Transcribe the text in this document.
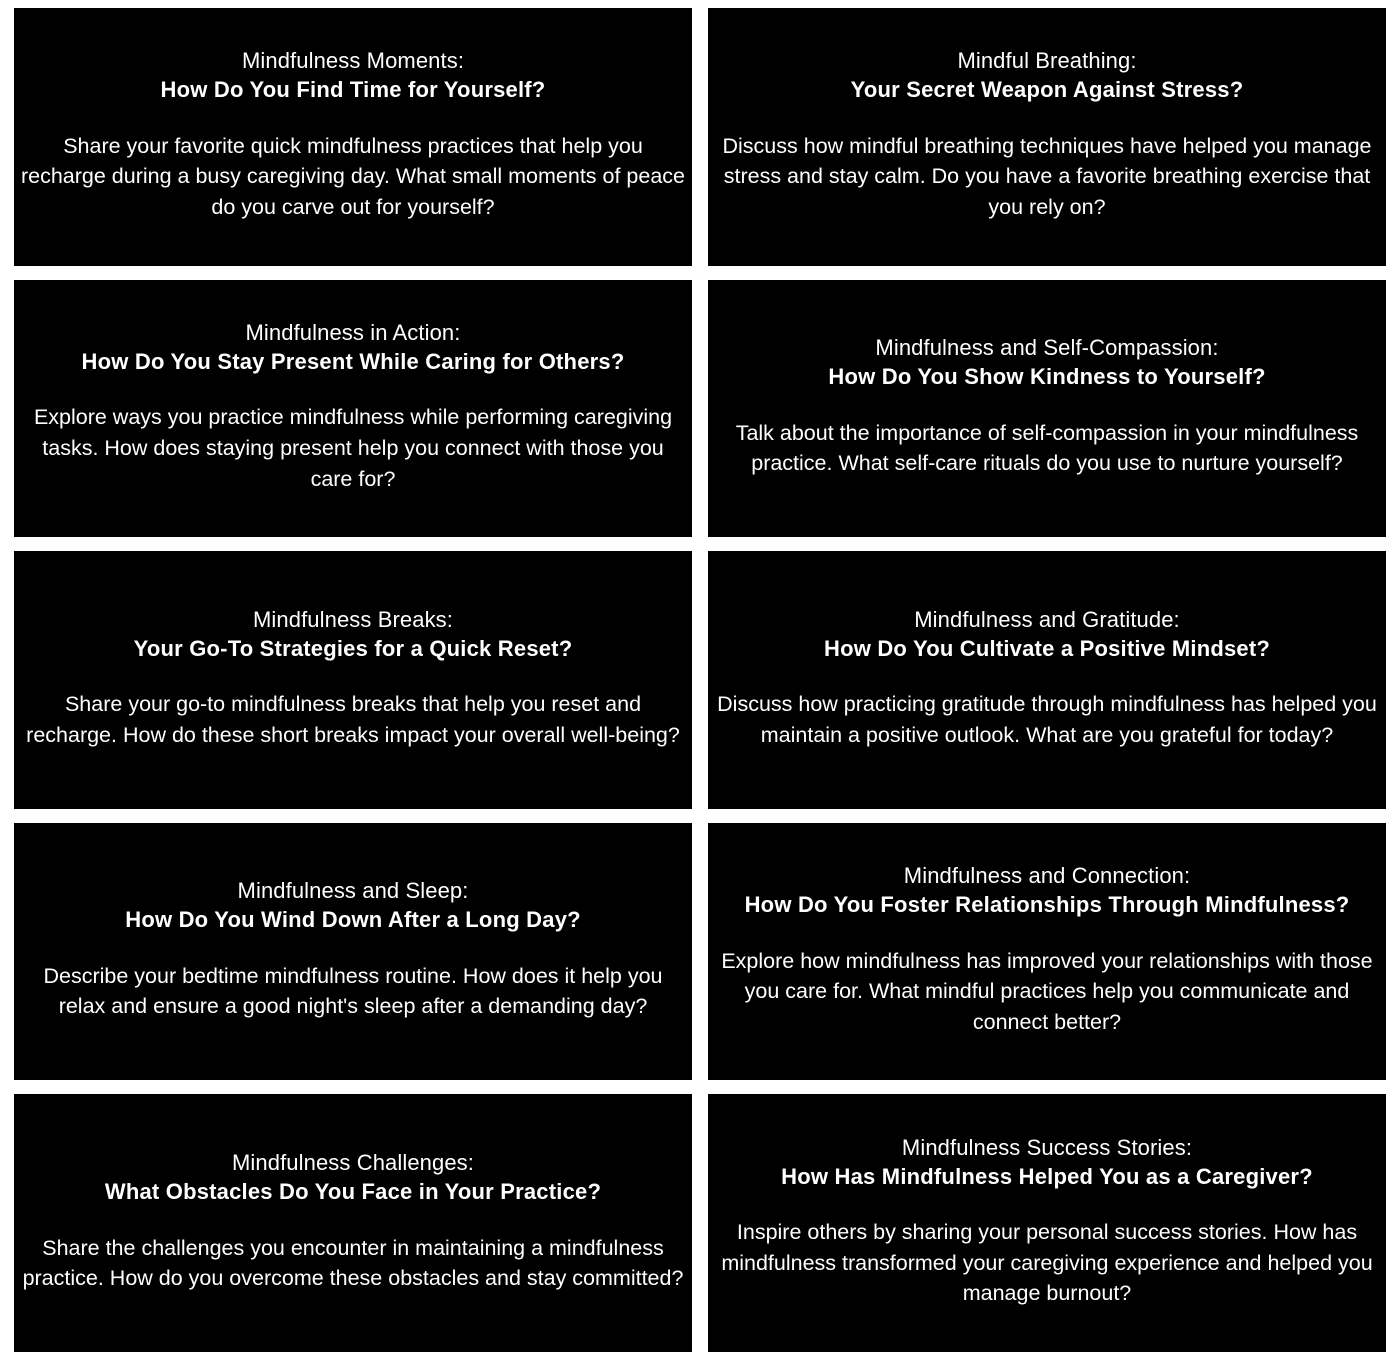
Mindfulness Moments:
How Do You Find Time for Yourself?
Share your favorite quick mindfulness practices that help you recharge during a busy caregiving day. What small moments of peace do you carve out for yourself?
Mindful Breathing:
Your Secret Weapon Against Stress?
Discuss how mindful breathing techniques have helped you manage stress and stay calm. Do you have a favorite breathing exercise that you rely on?
Mindfulness in Action:
How Do You Stay Present While Caring for Others?
Explore ways you practice mindfulness while performing caregiving tasks. How does staying present help you connect with those you care for?
Mindfulness and Self-Compassion:
How Do You Show Kindness to Yourself?
Talk about the importance of self-compassion in your mindfulness practice. What self-care rituals do you use to nurture yourself?
Mindfulness Breaks:
Your Go-To Strategies for a Quick Reset?
Share your go-to mindfulness breaks that help you reset and recharge. How do these short breaks impact your overall well-being?
Mindfulness and Gratitude:
How Do You Cultivate a Positive Mindset?
Discuss how practicing gratitude through mindfulness has helped you maintain a positive outlook. What are you grateful for today?
Mindfulness and Sleep:
How Do You Wind Down After a Long Day?
Describe your bedtime mindfulness routine. How does it help you relax and ensure a good night's sleep after a demanding day?
Mindfulness and Connection:
How Do You Foster Relationships Through Mindfulness?
Explore how mindfulness has improved your relationships with those you care for. What mindful practices help you communicate and connect better?
Mindfulness Challenges:
What Obstacles Do You Face in Your Practice?
Share the challenges you encounter in maintaining a mindfulness practice. How do you overcome these obstacles and stay committed?
Mindfulness Success Stories:
How Has Mindfulness Helped You as a Caregiver?
Inspire others by sharing your personal success stories. How has mindfulness transformed your caregiving experience and helped you manage burnout?
